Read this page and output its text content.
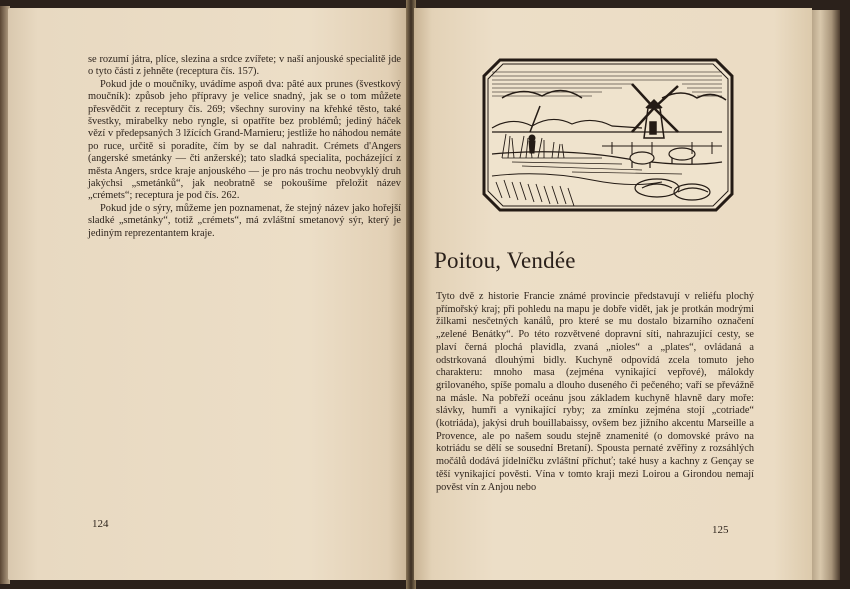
se rozumí játra, plíce, slezina a srdce zvířete; v naší anjouské specialitě jde o tyto části z jehněte (receptura čís. 157).

Pokud jde o moučníky, uvádíme aspoň dva: pâté aux prunes (švestkový moučník): způsob jeho přípravy je velice snadný, jak se o tom můžete přesvědčit z receptury čís. 269; všechny suroviny na křehké těsto, také švestky, mirabelky nebo ryngle, si opatříte bez problémů; jediný háček vězí v předepsaných 3 lžících Grand-Marnieru; jestliže ho náhodou nemáte po ruce, určitě si poradíte, čím by se dal nahradit. Crémets d'Angers (angerské smetánky — čti anžerské); tato sladká specialita, pocházející z města Angers, srdce kraje anjouského — je pro nás trochu neobvyklý druh jakýchsi „smetánků“, jak neobratně se pokoušíme přeložit název „crémets“; receptura je pod čís. 262.

Pokud jde o sýry, můžeme jen poznamenat, že stejný název jako hořejší sladké „smetánky“, totiž „crémets“, má zvláštní smetanový sýr, který je jediným reprezentantem kraje.

124
Poitou, Vendée

Tyto dvě z historie Francie známé provincie představují v reliéfu plochý přímořský kraj; při pohledu na mapu je dobře vidět, jak je protkán modrými žilkami nesčetných kanálů, pro které se mu dostalo bizarního označení „zelené Benátky“. Po této rozvětvené dopravní síti, nahrazující cesty, se plaví černá plochá plavidla, zvaná „nioles“ a „plates“, ovládaná a odstrkovaná dlouhými bidly. Kuchyně odpovídá zcela tomuto jeho charakteru: mnoho masa (zejména vynikající vepřové), málokdy grilovaného, spíše pomalu a dlouho duseného či pečeného; vaří se převážně na másle. Na pobřeží oceánu jsou základem kuchyně hlavně dary moře: slávky, humři a vynikající ryby; za zmínku zejména stojí „cotriade“ (kotriáda), jakýsi druh bouillabaissy, ovšem bez jižního akcentu Marseille a Provence, ale po našem soudu stejně znamenité (o domovské právo na kotriádu se dělí se sousední Bretaní). Spousta pernaté zvěřiny z rozsáhlých močálů dodává jídelníčku zvláštní příchuť; také husy a kachny z Gençay se těší vynikající pověsti. Vína v tomto kraji mezi Loirou a Girondou nemají pověst vín z Anjou nebo

125
